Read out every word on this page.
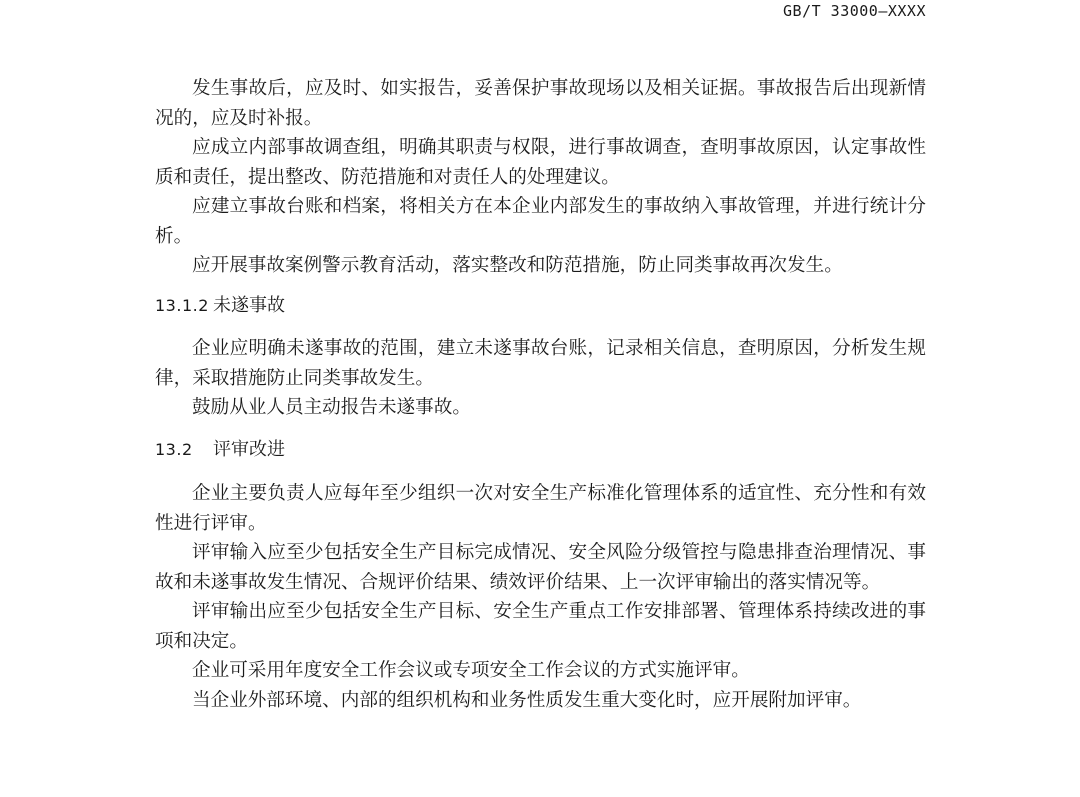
GB/T 33000—XXXX

发生事故后，应及时、如实报告，妥善保护事故现场以及相关证据。事故报告后出现新情况的，应及时补报。

应成立内部事故调查组，明确其职责与权限，进行事故调查，查明事故原因，认定事故性质和责任，提出整改、防范措施和对责任人的处理建议。

应建立事故台账和档案，将相关方在本企业内部发生的事故纳入事故管理，并进行统计分析。

应开展事故案例警示教育活动，落实整改和防范措施，防止同类事故再次发生。

13.1.2 未遂事故

企业应明确未遂事故的范围，建立未遂事故台账，记录相关信息，查明原因，分析发生规律，采取措施防止同类事故发生。

鼓励从业人员主动报告未遂事故。

13.2	评审改进

企业主要负责人应每年至少组织一次对安全生产标准化管理体系的适宜性、充分性和有效性进行评审。

评审输入应至少包括安全生产目标完成情况、安全风险分级管控与隐患排查治理情况、事故和未遂事故发生情况、合规评价结果、绩效评价结果、上一次评审输出的落实情况等。

评审输出应至少包括安全生产目标、安全生产重点工作安排部署、管理体系持续改进的事项和决定。

企业可采用年度安全工作会议或专项安全工作会议的方式实施评审。

当企业外部环境、内部的组织机构和业务性质发生重大变化时，应开展附加评审。
